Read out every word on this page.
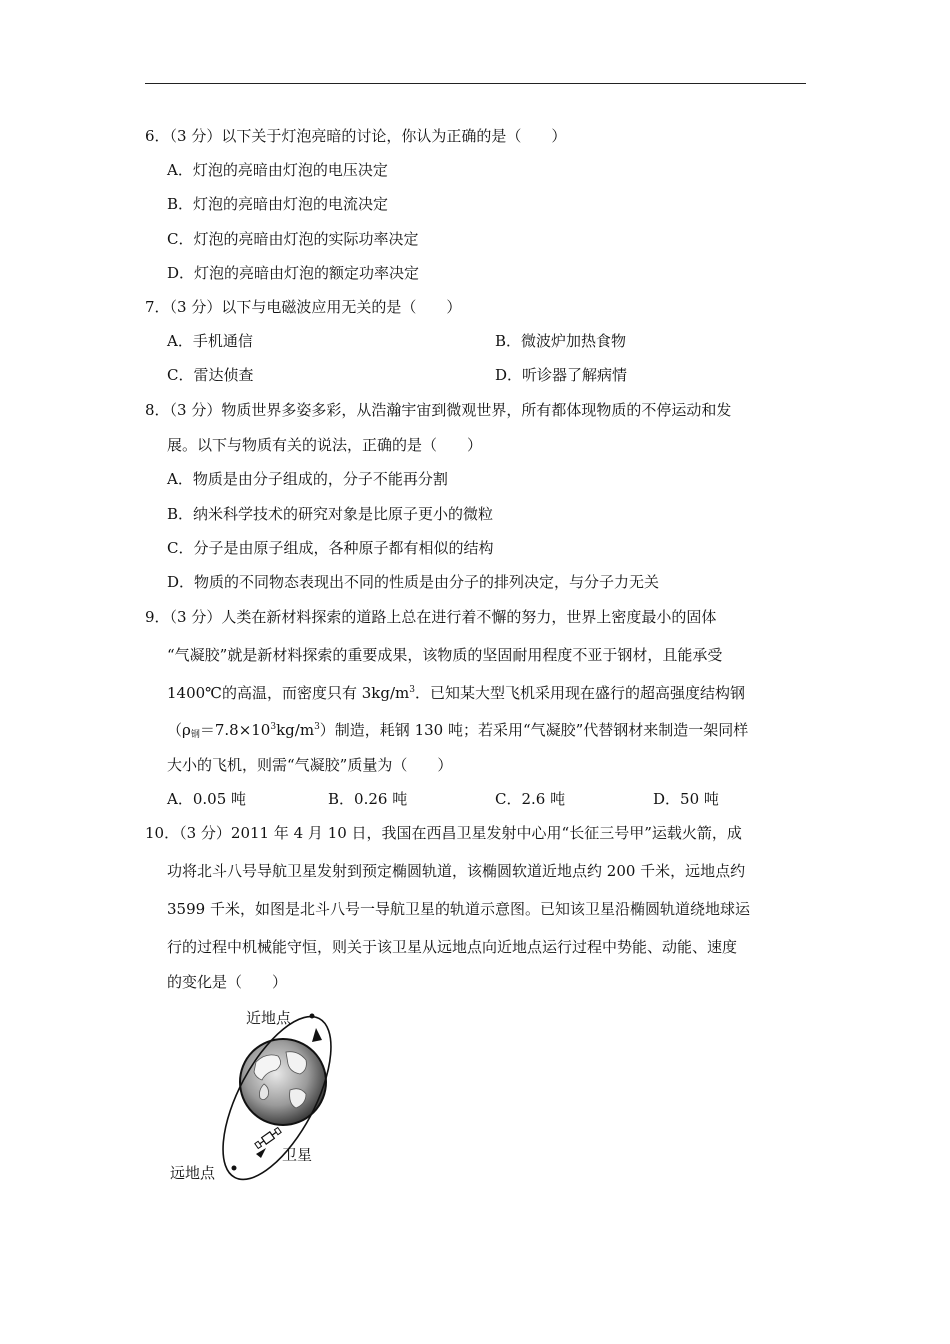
6．（3 分）以下关于灯泡亮暗的讨论，你认为正确的是（　　）
A．灯泡的亮暗由灯泡的电压决定
B．灯泡的亮暗由灯泡的电流决定
C．灯泡的亮暗由灯泡的实际功率决定
D．灯泡的亮暗由灯泡的额定功率决定
7．（3 分）以下与电磁波应用无关的是（　　）
A．手机通信	B．微波炉加热食物
C．雷达侦查	D．听诊器了解病情
8．（3 分）物质世界多姿多彩，从浩瀚宇宙到微观世界，所有都体现物质的不停运动和发
展。以下与物质有关的说法，正确的是（　　）
A．物质是由分子组成的，分子不能再分割
B．纳米科学技术的研究对象是比原子更小的微粒
C．分子是由原子组成，各种原子都有相似的结构
D．物质的不同物态表现出不同的性质是由分子的排列决定，与分子力无关
9．（3 分）人类在新材料探索的道路上总在进行着不懈的努力，世界上密度最小的固体
“气凝胶”就是新材料探索的重要成果，该物质的坚固耐用程度不亚于钢材，且能承受
1400℃的高温，而密度只有 $3kg/m^3$．已知某大型飞机采用现在盛行的超高强度结构钢
$(\rho_钢=7.8\times 10^3kg/m^3)$制造，耗钢 130 吨；若采用“气凝胶”代替钢材来制造一架同样
大小的飞机，则需“气凝胶”质量为（　　）
A．0.05 吨	B．0.26 吨	C．2.6 吨	D．50 吨
10．（3 分）2011 年 4 月 10 日，我国在西昌卫星发射中心用“长征三号甲”运载火箭，成
功将北斗八号导航卫星发射到预定椭圆轨道，该椭圆软道近地点约 200 千米，远地点约
3599 千米，如图是北斗八号一导航卫星的轨道示意图。已知该卫星沿椭圆轨道绕地球运
行的过程中机械能守恒，则关于该卫星从远地点向近地点运行过程中势能、动能、速度
的变化是（　　）
近地点
远地点
卫星
